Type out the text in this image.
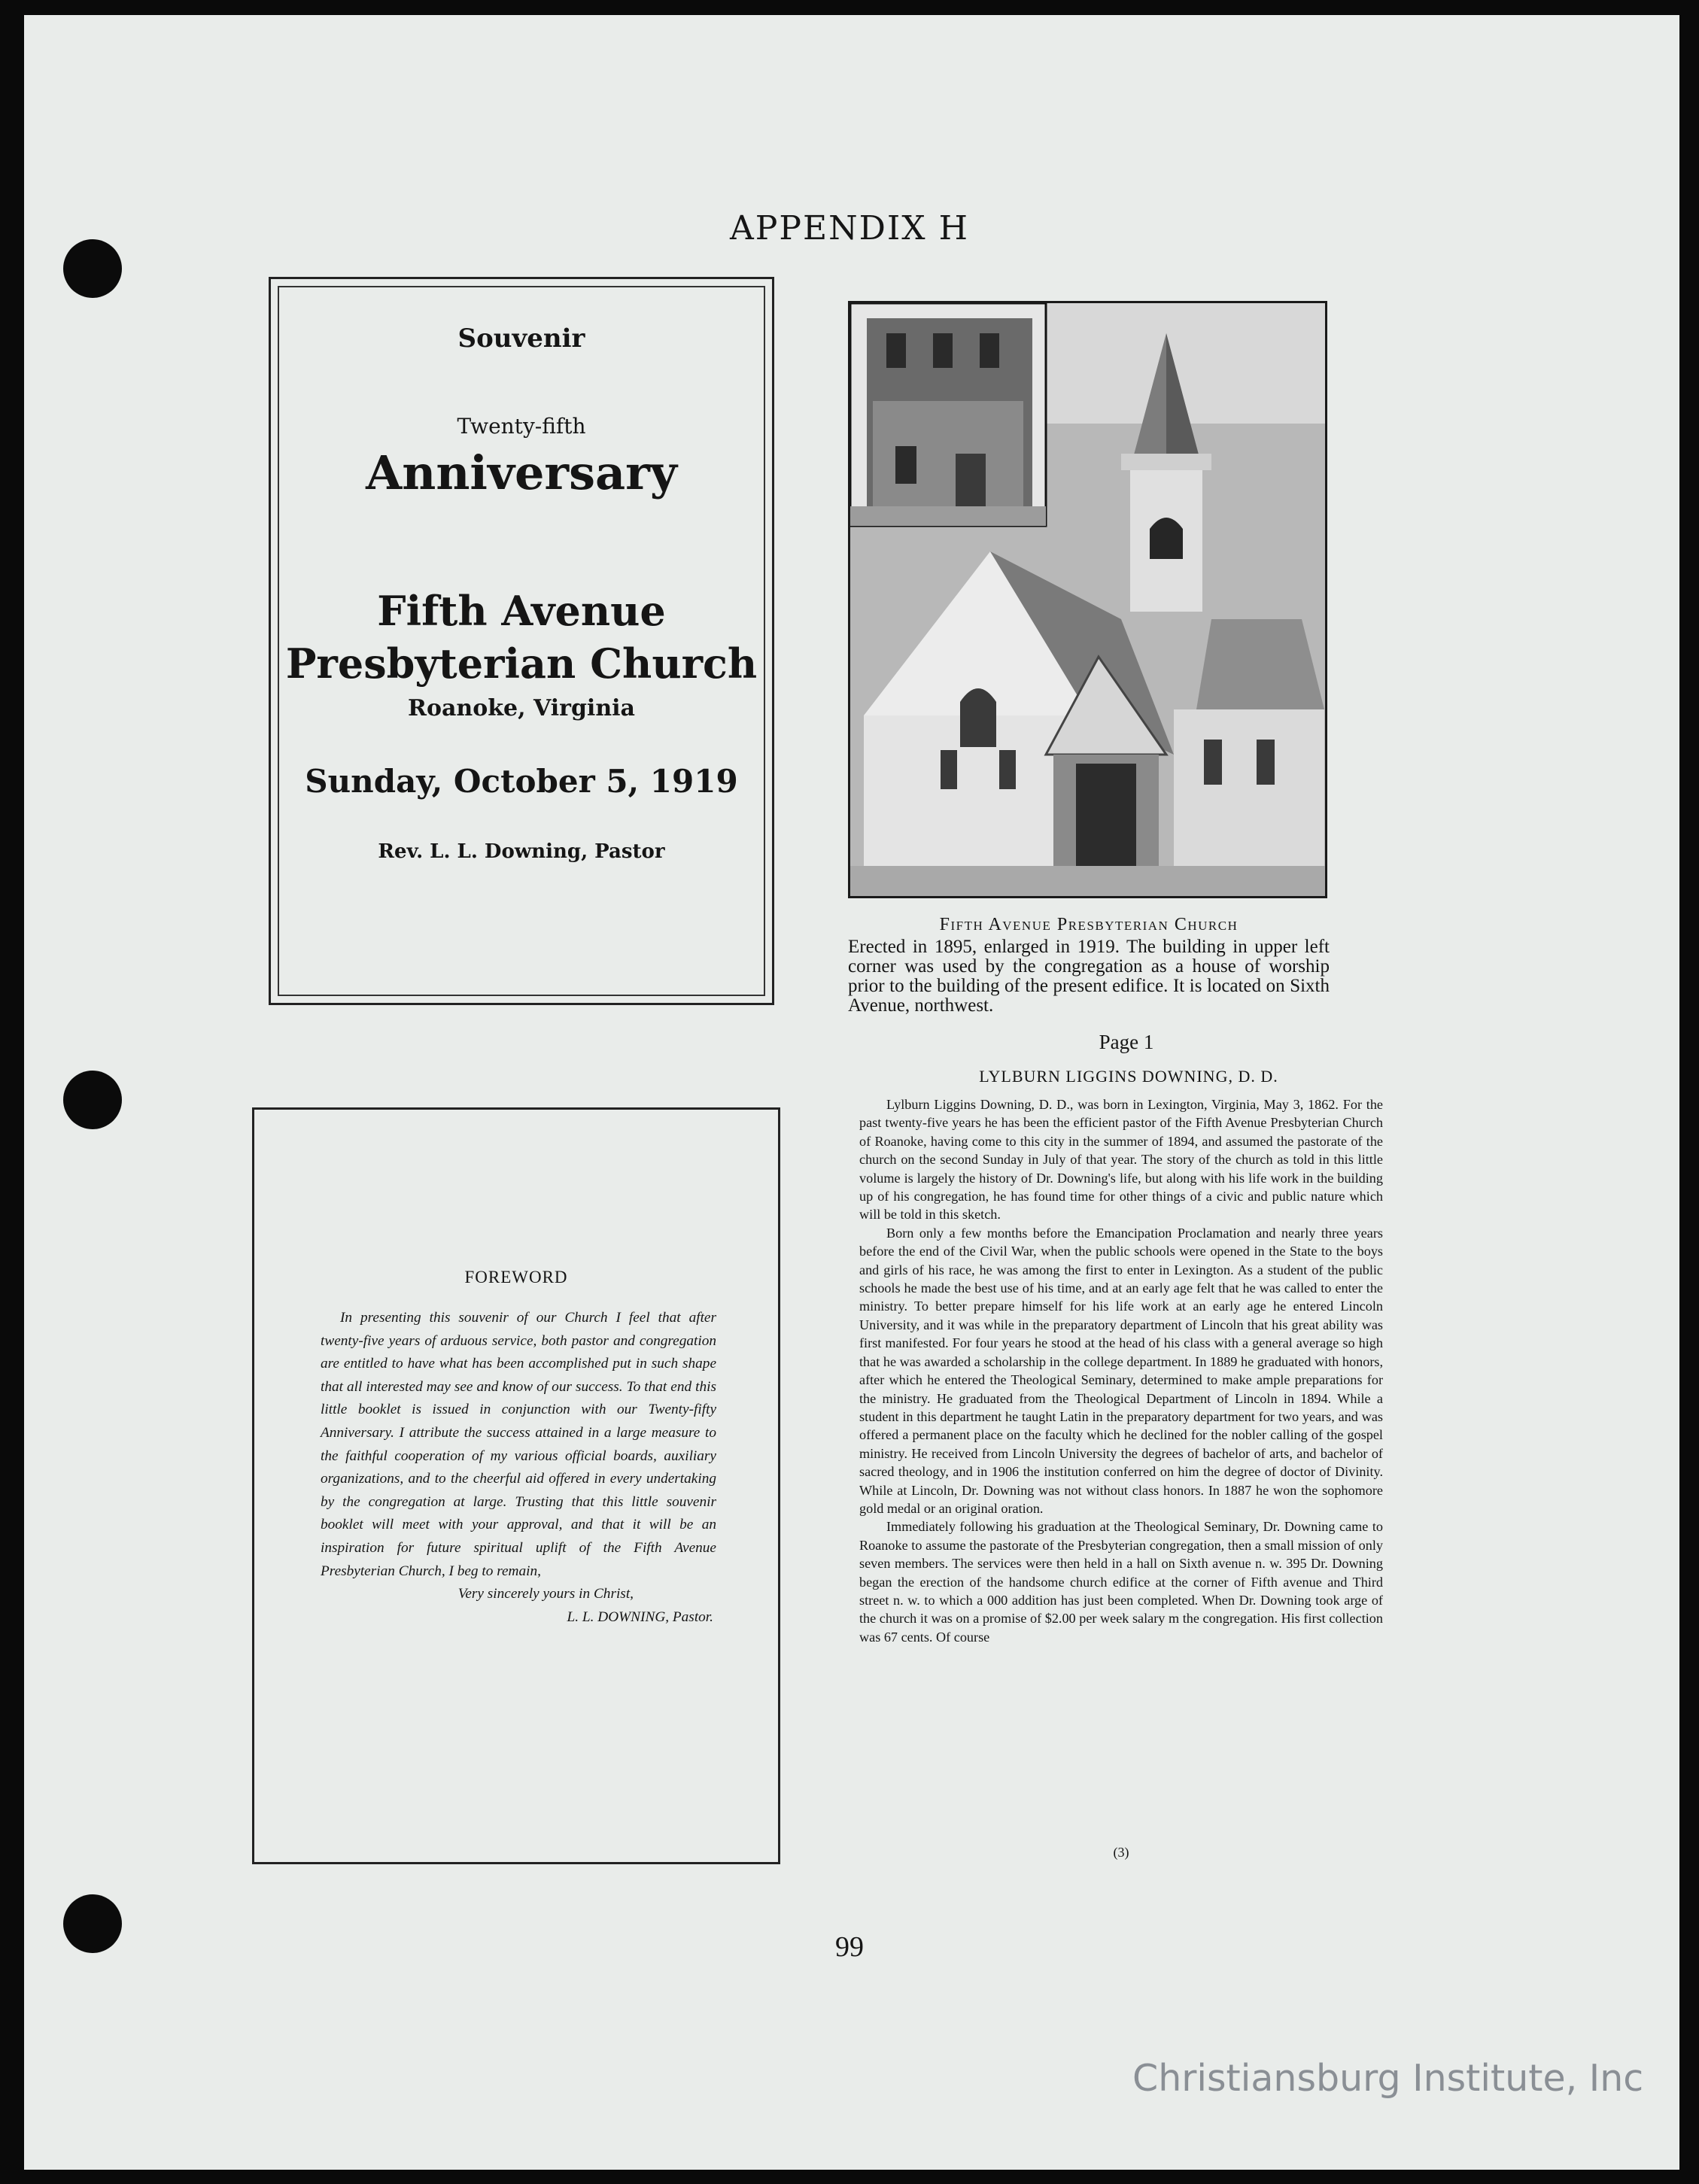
APPENDIX H
Souvenir
Twenty-fifth
Anniversary
Fifth Avenue
Presbyterian Church
Roanoke, Virginia
Sunday, October 5, 1919
Rev. L. L. Downing, Pastor
Fifth Avenue Presbyterian Church
Erected in 1895, enlarged in 1919. The building in upper left corner was used by the congregation as a house of worship prior to the building of the present edifice. It is located on Sixth Avenue, northwest.
Page 1
FOREWORD

In presenting this souvenir of our Church I feel that after twenty-five years of arduous service, both pastor and congregation are entitled to have what has been accomplished put in such shape that all interested may see and know of our success. To that end this little booklet is issued in conjunction with our Twenty-fifty Anniversary. I attribute the success attained in a large measure to the faithful cooperation of my various official boards, auxiliary organizations, and to the cheerful aid offered in every undertaking by the congregation at large. Trusting that this little souvenir booklet will meet with your approval, and that it will be an inspiration for future spiritual uplift of the Fifth Avenue Presbyterian Church, I beg to remain,

Very sincerely yours in Christ,
L. L. DOWNING, Pastor.
LYLBURN LIGGINS DOWNING, D. D.

Lylburn Liggins Downing, D. D., was born in Lexington, Virginia, May 3, 1862. For the past twenty-five years he has been the efficient pastor of the Fifth Avenue Presbyterian Church of Roanoke, having come to this city in the summer of 1894, and assumed the pastorate of the church on the second Sunday in July of that year. The story of the church as told in this little volume is largely the history of Dr. Downing's life, but along with his life work in the building up of his congregation, he has found time for other things of a civic and public nature which will be told in this sketch.

Born only a few months before the Emancipation Proclamation and nearly three years before the end of the Civil War, when the public schools were opened in the State to the boys and girls of his race, he was among the first to enter in Lexington. As a student of the public schools he made the best use of his time, and at an early age felt that he was called to enter the ministry. To better prepare himself for his life work at an early age he entered Lincoln University, and it was while in the preparatory department of Lincoln that his great ability was first manifested. For four years he stood at the head of his class with a general average so high that he was awarded a scholarship in the college department. In 1889 he graduated with honors, after which he entered the Theological Seminary, determined to make ample preparations for the ministry. He graduated from the Theological Department of Lincoln in 1894. While a student in this department he taught Latin in the preparatory department for two years, and was offered a permanent place on the faculty which he declined for the nobler calling of the gospel ministry. He received from Lincoln University the degrees of bachelor of arts, and bachelor of sacred theology, and in 1906 the institution conferred on him the degree of doctor of Divinity. While at Lincoln, Dr. Downing was not without class honors. In 1887 he won the sophomore gold medal or an original oration.

Immediately following his graduation at the Theological Seminary, Dr. Downing came to Roanoke to assume the pastorate of the Presbyterian congregation, then a small mission of only seven members. The services were then held in a hall on Sixth avenue n. w. 395 Dr. Downing began the erection of the handsome church edifice at the corner of Fifth avenue and Third street n. w. to which a 000 addition has just been completed. When Dr. Downing took arge of the church it was on a promise of $2.00 per week salary m the congregation. His first collection was 67 cents. Of course

(3)
99
Christiansburg Institute, Inc
